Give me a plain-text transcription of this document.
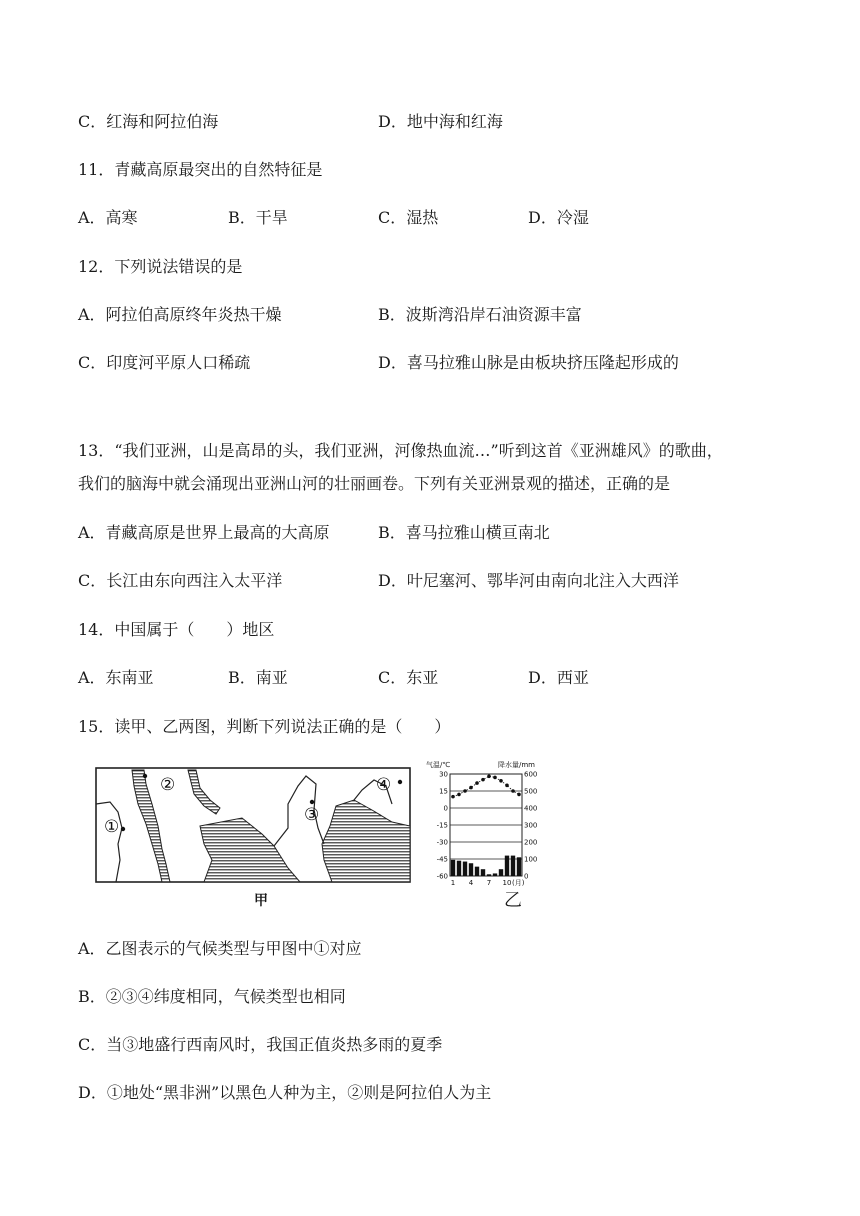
C．红海和阿拉伯海	D．地中海和红海
11．青藏高原最突出的自然特征是
A．高寒	B．干旱	C．湿热	D．冷湿
12．下列说法错误的是
A．阿拉伯高原终年炎热干燥	B．波斯湾沿岸石油资源丰富
C．印度河平原人口稀疏	D．喜马拉雅山脉是由板块挤压隆起形成的
13．“我们亚洲，山是高昂的头，我们亚洲，河像热血流…”听到这首《亚洲雄风》的歌曲，
我们的脑海中就会涌现出亚洲山河的壮丽画卷。下列有关亚洲景观的描述，正确的是
A．青藏高原是世界上最高的大高原	B．喜马拉雅山横亘南北
C．长江由东向西注入太平洋	D．叶尼塞河、鄂毕河由南向北注入大西洋
14．中国属于（　　）地区
A．东南亚	B．南亚	C．东亚	D．西亚
15．读甲、乙两图，判断下列说法正确的是（　　）
②
①
③
④
甲
气温/℃	降水量/mm
30	600
15	500
0	400
-15	300
-30	200
-45	100
-60	0
1 4 7 10 (月)
乙
A．乙图表示的气候类型与甲图中①对应
B．②③④纬度相同，气候类型也相同
C．当③地盛行西南风时，我国正值炎热多雨的夏季
D．①地处“黑非洲”以黑色人种为主，②则是阿拉伯人为主
